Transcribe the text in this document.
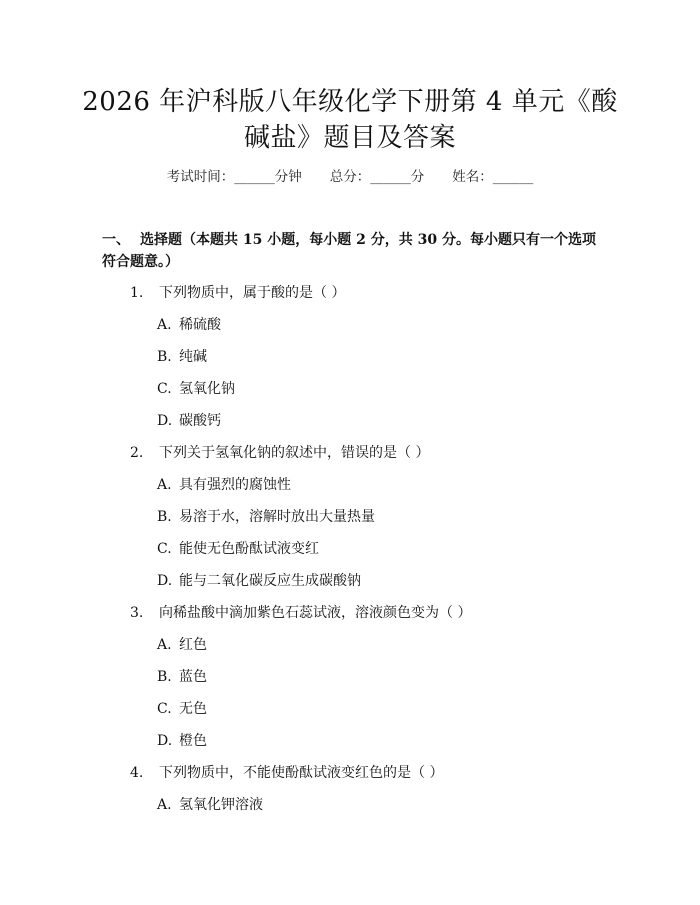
2026 年沪科版八年级化学下册第 4 单元《酸
碱盐》题目及答案
考试时间：______分钟 总分：______分 姓名：______
一、 选择题（本题共 15 小题，每小题 2 分，共 30 分。每小题只有一个选项符合题意。）
1. 下列物质中，属于酸的是（ ）
A. 稀硫酸
B. 纯碱
C. 氢氧化钠
D. 碳酸钙
2. 下列关于氢氧化钠的叙述中，错误的是（ ）
A. 具有强烈的腐蚀性
B. 易溶于水，溶解时放出大量热量
C. 能使无色酚酞试液变红
D. 能与二氧化碳反应生成碳酸钠
3. 向稀盐酸中滴加紫色石蕊试液，溶液颜色变为（ ）
A. 红色
B. 蓝色
C. 无色
D. 橙色
4. 下列物质中，不能使酚酞试液变红色的是（ ）
A. 氢氧化钾溶液
